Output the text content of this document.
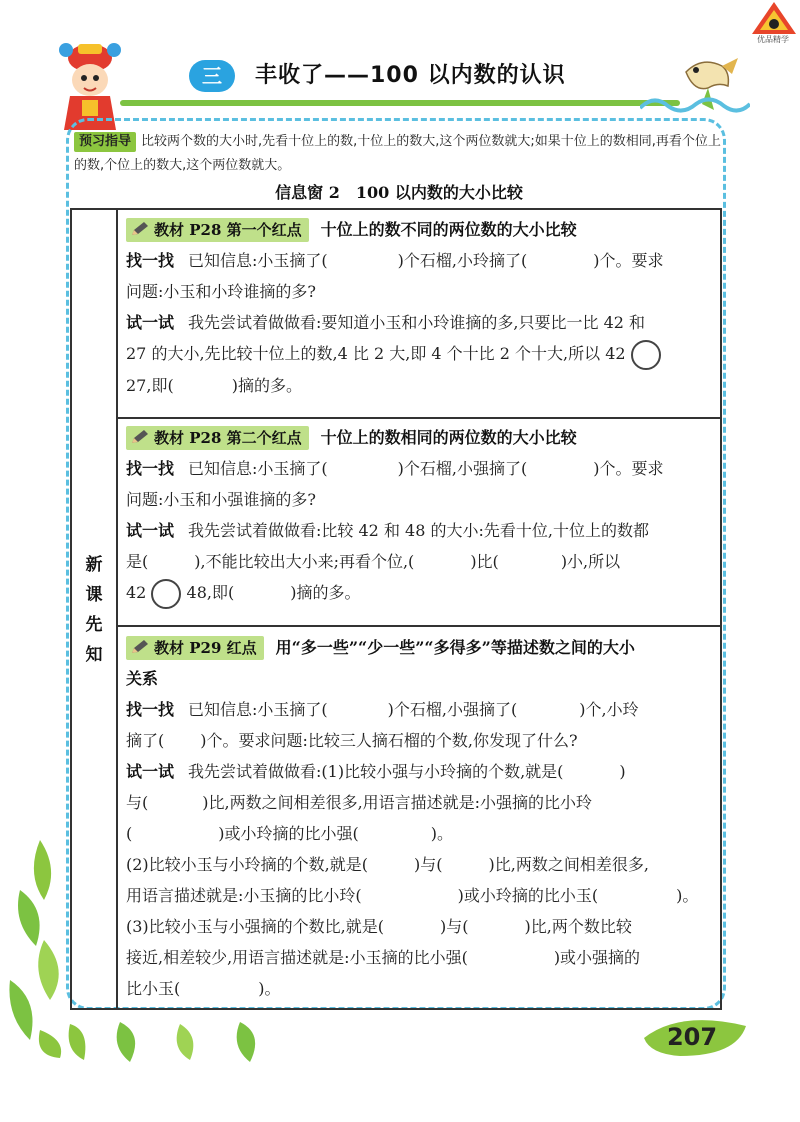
优品精学
三	丰收了——100 以内数的认识
预习指导 比较两个数的大小时,先看十位上的数,十位上的数大,这个两位数就大;如果十位上的数相同,再看个位上的数,个位上的数大,这个两位数就大。
信息窗 2　100 以内数的大小比较
新
课
先
知

教材 P28 第一个红点 十位上的数不同的两位数的大小比较

找一找 已知信息:小玉摘了(	)个石榴,小玲摘了(	)个。要求

问题:小玉和小玲谁摘的多?

试一试 我先尝试着做做看:要知道小玉和小玲谁摘的多,只要比一比 42 和

27 的大小,先比较十位上的数,4 比 2 大,即 4 个十比 2 个十大,所以 42

27,即(	)摘的多。

教材 P28 第二个红点 十位上的数相同的两位数的大小比较

找一找 已知信息:小玉摘了(	)个石榴,小强摘了(	)个。要求

问题:小玉和小强谁摘的多?

试一试 我先尝试着做做看:比较 42 和 48 的大小:先看十位,十位上的数都

是(	),不能比较出大小来;再看个位,(	)比(	)小,所以

42	48,即(	)摘的多。

教材 P29 红点 用“多一些”“少一些”“多得多”等描述数之间的大小

关系

找一找 已知信息:小玉摘了(	)个石榴,小强摘了(	)个,小玲

摘了( )个。要求问题:比较三人摘石榴的个数,你发现了什么?

试一试 我先尝试着做做看:(1)比较小强与小玲摘的个数,就是(	)

与(	)比,两数之间相差很多,用语言描述就是:小强摘的比小玲

(	)或小玲摘的比小强(	)。

(2)比较小玉与小玲摘的个数,就是(	)与(	)比,两数之间相差很多,

用语言描述就是:小玉摘的比小玲(	)或小玲摘的比小玉(	)。

(3)比较小玉与小强摘的个数比,就是(	)与(	)比,两个数比较

接近,相差较少,用语言描述就是:小玉摘的比小强(	)或小强摘的

比小玉(	)。

207
